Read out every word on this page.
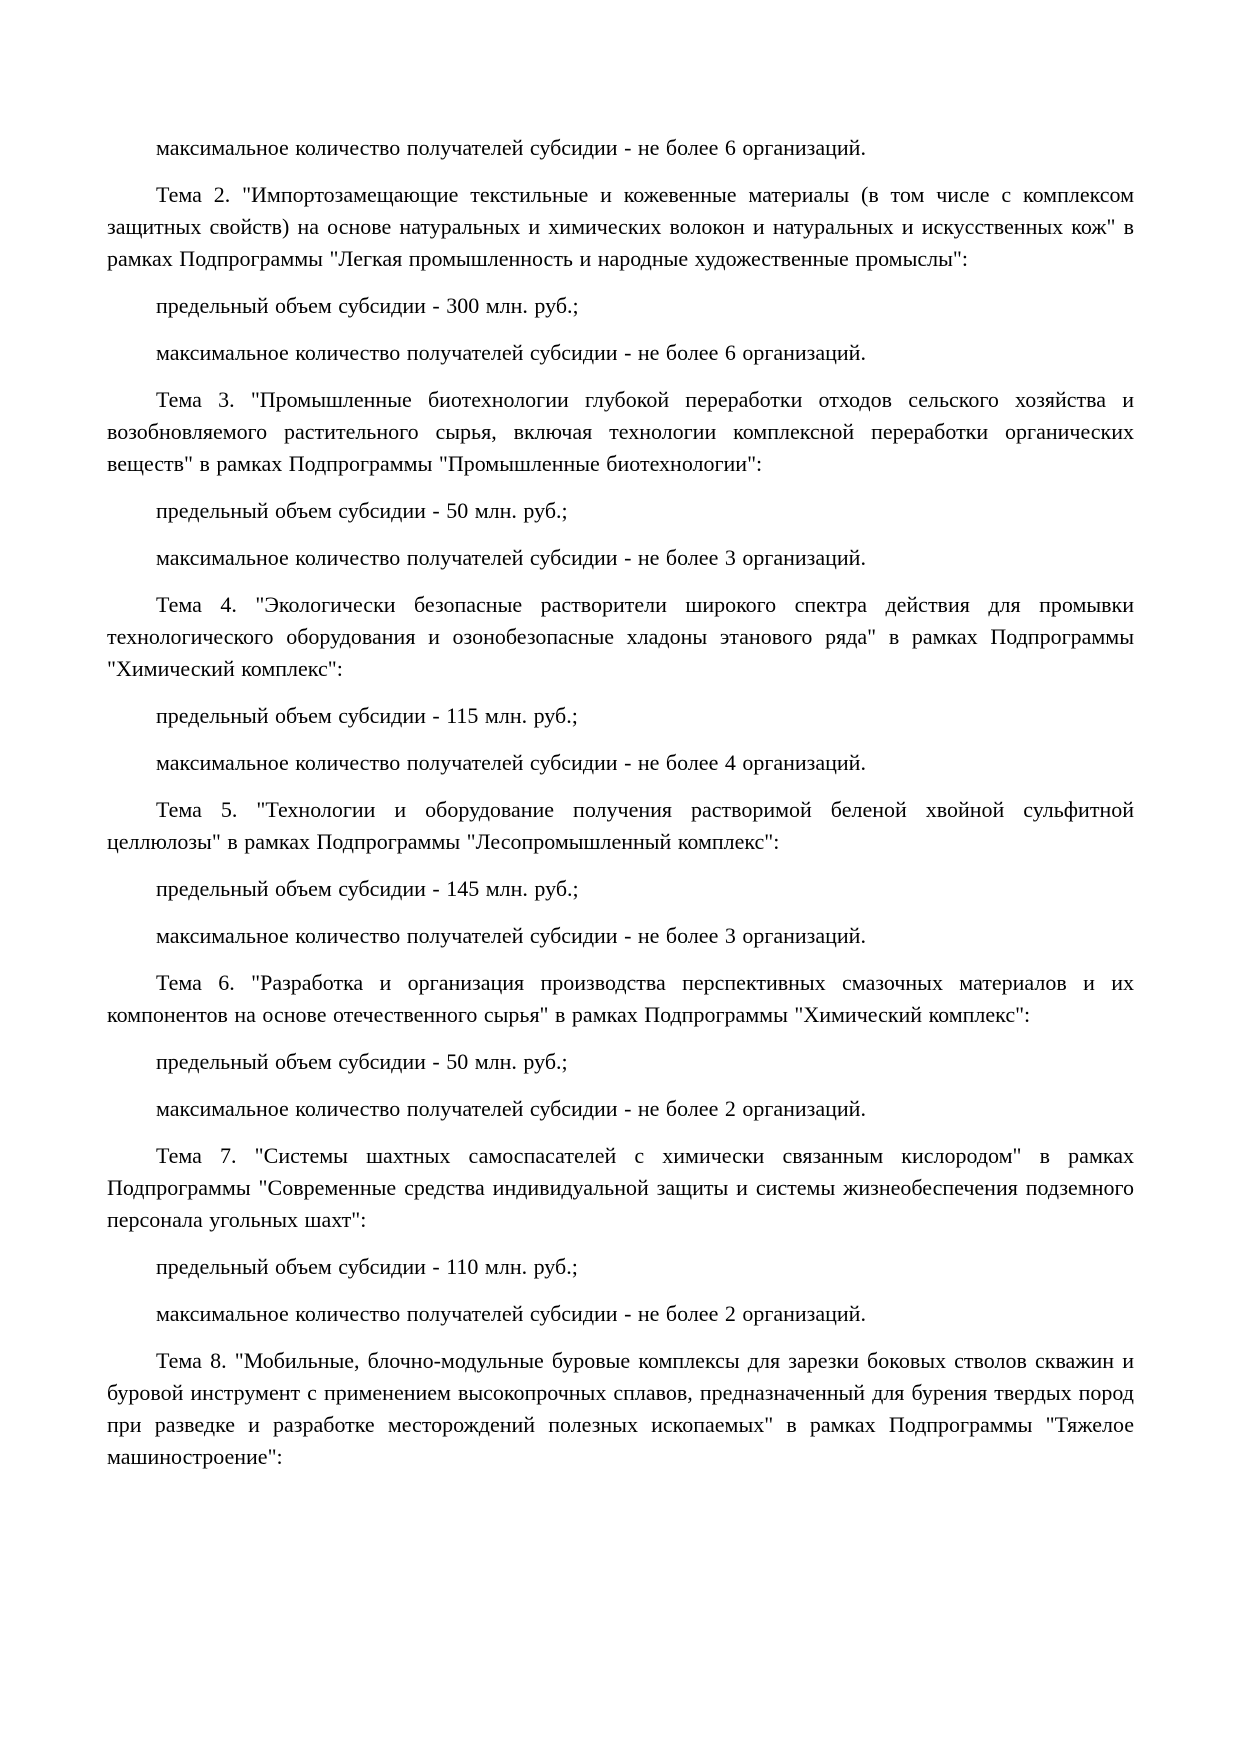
максимальное количество получателей субсидии - не более 6 организаций.

Тема 2. "Импортозамещающие текстильные и кожевенные материалы (в том числе с комплексом защитных свойств) на основе натуральных и химических волокон и натуральных и искусственных кож" в рамках Подпрограммы "Легкая промышленность и народные художественные промыслы":

предельный объем субсидии - 300 млн. руб.;

максимальное количество получателей субсидии - не более 6 организаций.

Тема 3. "Промышленные биотехнологии глубокой переработки отходов сельского хозяйства и возобновляемого растительного сырья, включая технологии комплексной переработки органических веществ" в рамках Подпрограммы "Промышленные биотехнологии":

предельный объем субсидии - 50 млн. руб.;

максимальное количество получателей субсидии - не более 3 организаций.

Тема 4. "Экологически безопасные растворители широкого спектра действия для промывки технологического оборудования и озонобезопасные хладоны этанового ряда" в рамках Подпрограммы "Химический комплекс":

предельный объем субсидии - 115 млн. руб.;

максимальное количество получателей субсидии - не более 4 организаций.

Тема 5. "Технологии и оборудование получения растворимой беленой хвойной сульфитной целлюлозы" в рамках Подпрограммы "Лесопромышленный комплекс":

предельный объем субсидии - 145 млн. руб.;

максимальное количество получателей субсидии - не более 3 организаций.

Тема 6. "Разработка и организация производства перспективных смазочных материалов и их компонентов на основе отечественного сырья" в рамках Подпрограммы "Химический комплекс":

предельный объем субсидии - 50 млн. руб.;

максимальное количество получателей субсидии - не более 2 организаций.

Тема 7. "Системы шахтных самоспасателей с химически связанным кислородом" в рамках Подпрограммы "Современные средства индивидуальной защиты и системы жизнеобеспечения подземного персонала угольных шахт":

предельный объем субсидии - 110 млн. руб.;

максимальное количество получателей субсидии - не более 2 организаций.

Тема 8. "Мобильные, блочно-модульные буровые комплексы для зарезки боковых стволов скважин и буровой инструмент с применением высокопрочных сплавов, предназначенный для бурения твердых пород при разведке и разработке месторождений полезных ископаемых" в рамках Подпрограммы "Тяжелое машиностроение":
